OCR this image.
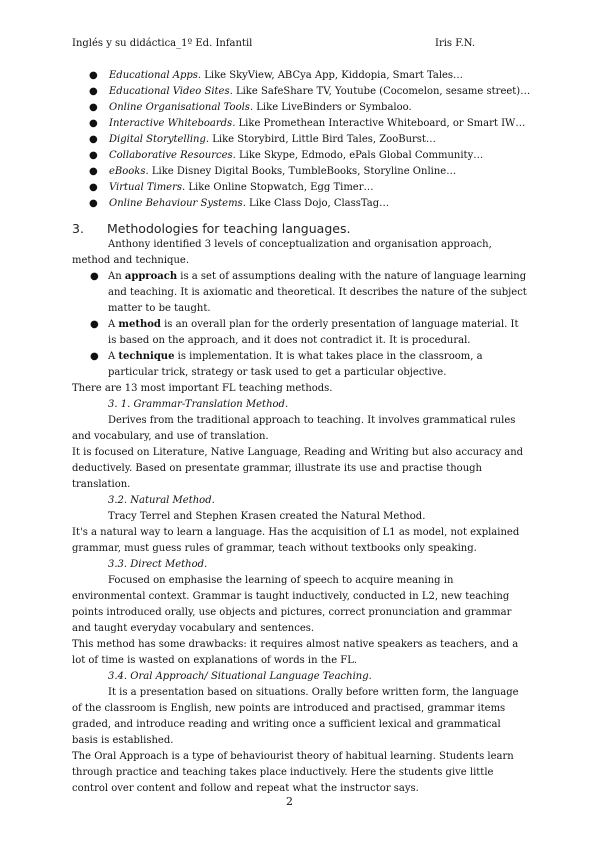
Inglés y su didáctica_1º Ed. Infantil	Iris F.N.
● Educational Apps. Like SkyView, ABCya App, Kiddopia, Smart Tales…
● Educational Video Sites. Like SafeShare TV, Youtube (Cocomelon, sesame street)…
● Online Organisational Tools. Like LiveBinders or Symbaloo.
● Interactive Whiteboards. Like Promethean Interactive Whiteboard, or Smart IW…
● Digital Storytelling. Like Storybird, Little Bird Tales, ZooBurst…
● Collaborative Resources. Like Skype, Edmodo, ePals Global Community…
● eBooks. Like Disney Digital Books, TumbleBooks, Storyline Online…
● Virtual Timers. Like Online Stopwatch, Egg Timer…
● Online Behaviour Systems. Like Class Dojo, ClassTag…
3. Methodologies for teaching languages.

Anthony identified 3 levels of conceptualization and organisation approach, method and technique.

● An approach is a set of assumptions dealing with the nature of language learning and teaching. It is axiomatic and theoretical. It describes the nature of the subject matter to be taught.
● A method is an overall plan for the orderly presentation of language material. It is based on the approach, and it does not contradict it. It is procedural.
● A technique is implementation. It is what takes place in the classroom, a particular trick, strategy or task used to get a particular objective.

There are 13 most important FL teaching methods.

3. 1. Grammar-Translation Method.

Derives from the traditional approach to teaching. It involves grammatical rules and vocabulary, and use of translation.

It is focused on Literature, Native Language, Reading and Writing but also accuracy and deductively. Based on presentate grammar, illustrate its use and practise though translation.

3.2. Natural Method.

Tracy Terrel and Stephen Krasen created the Natural Method.

It's a natural way to learn a language. Has the acquisition of L1 as model, not explained grammar, must guess rules of grammar, teach without textbooks only speaking.

3.3. Direct Method.

Focused on emphasise the learning of speech to acquire meaning in environmental context. Grammar is taught inductively, conducted in L2, new teaching points introduced orally, use objects and pictures, correct pronunciation and grammar and taught everyday vocabulary and sentences.

This method has some drawbacks: it requires almost native speakers as teachers, and a lot of time is wasted on explanations of words in the FL.

3.4. Oral Approach/ Situational Language Teaching.

It is a presentation based on situations. Orally before written form, the language of the classroom is English, new points are introduced and practised, grammar items graded, and introduce reading and writing once a sufficient lexical and grammatical basis is established.

The Oral Approach is a type of behaviourist theory of habitual learning. Students learn through practice and teaching takes place inductively. Here the students give little control over content and follow and repeat what the instructor says.

2
